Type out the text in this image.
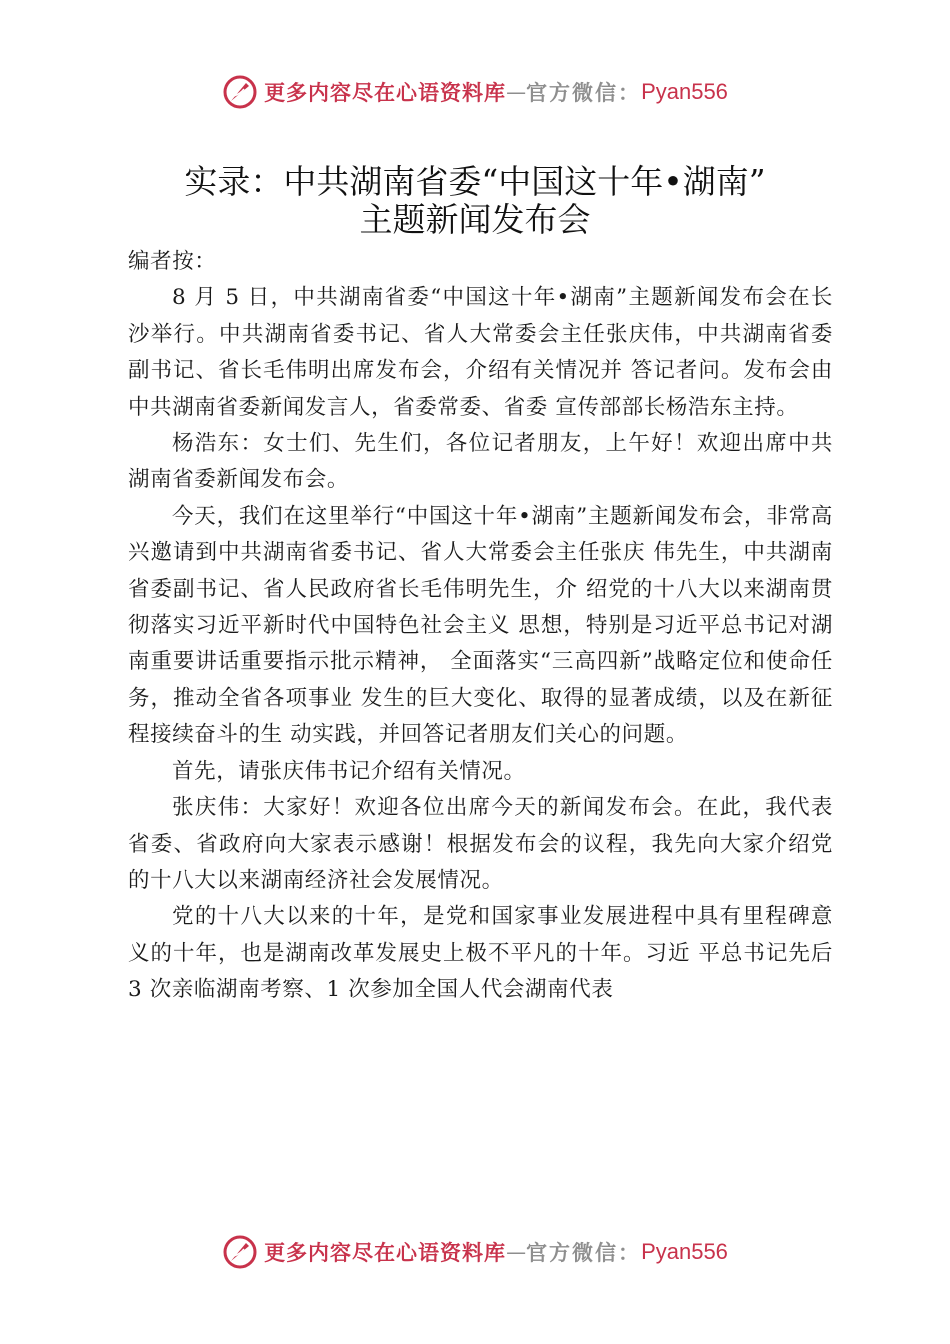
更多内容尽在心语资料库 — 官方微信： Pyan556
实录：中共湖南省委“中国这十年•湖南”
主题新闻发布会

编者按：

8 月 5 日，中共湖南省委“中国这十年•湖南”主题新闻发布会在长沙举行。中共湖南省委书记、省人大常委会主任张庆伟，中共湖南省委副书记、省长毛伟明出席发布会，介绍有关情况并 答记者问。发布会由中共湖南省委新闻发言人，省委常委、省委 宣传部部长杨浩东主持。

杨浩东：女士们、先生们，各位记者朋友，上午好！欢迎出席中共湖南省委新闻发布会。

今天，我们在这里举行“中国这十年•湖南”主题新闻发布会，非常高兴邀请到中共湖南省委书记、省人大常委会主任张庆 伟先生，中共湖南省委副书记、省人民政府省长毛伟明先生，介 绍党的十八大以来湖南贯彻落实习近平新时代中国特色社会主义 思想，特别是习近平总书记对湖南重要讲话重要指示批示精神， 全面落实“三高四新”战略定位和使命任务，推动全省各项事业 发生的巨大变化、取得的显著成绩，以及在新征程接续奋斗的生 动实践，并回答记者朋友们关心的问题。

首先，请张庆伟书记介绍有关情况。

张庆伟：大家好！欢迎各位出席今天的新闻发布会。在此，我代表省委、省政府向大家表示感谢！根据发布会的议程，我先向大家介绍党的十八大以来湖南经济社会发展情况。

党的十八大以来的十年，是党和国家事业发展进程中具有里程碑意义的十年，也是湖南改革发展史上极不平凡的十年。习近 平总书记先后 3 次亲临湖南考察、1 次参加全国人代会湖南代表

更多内容尽在心语资料库 — 官方微信： Pyan556
